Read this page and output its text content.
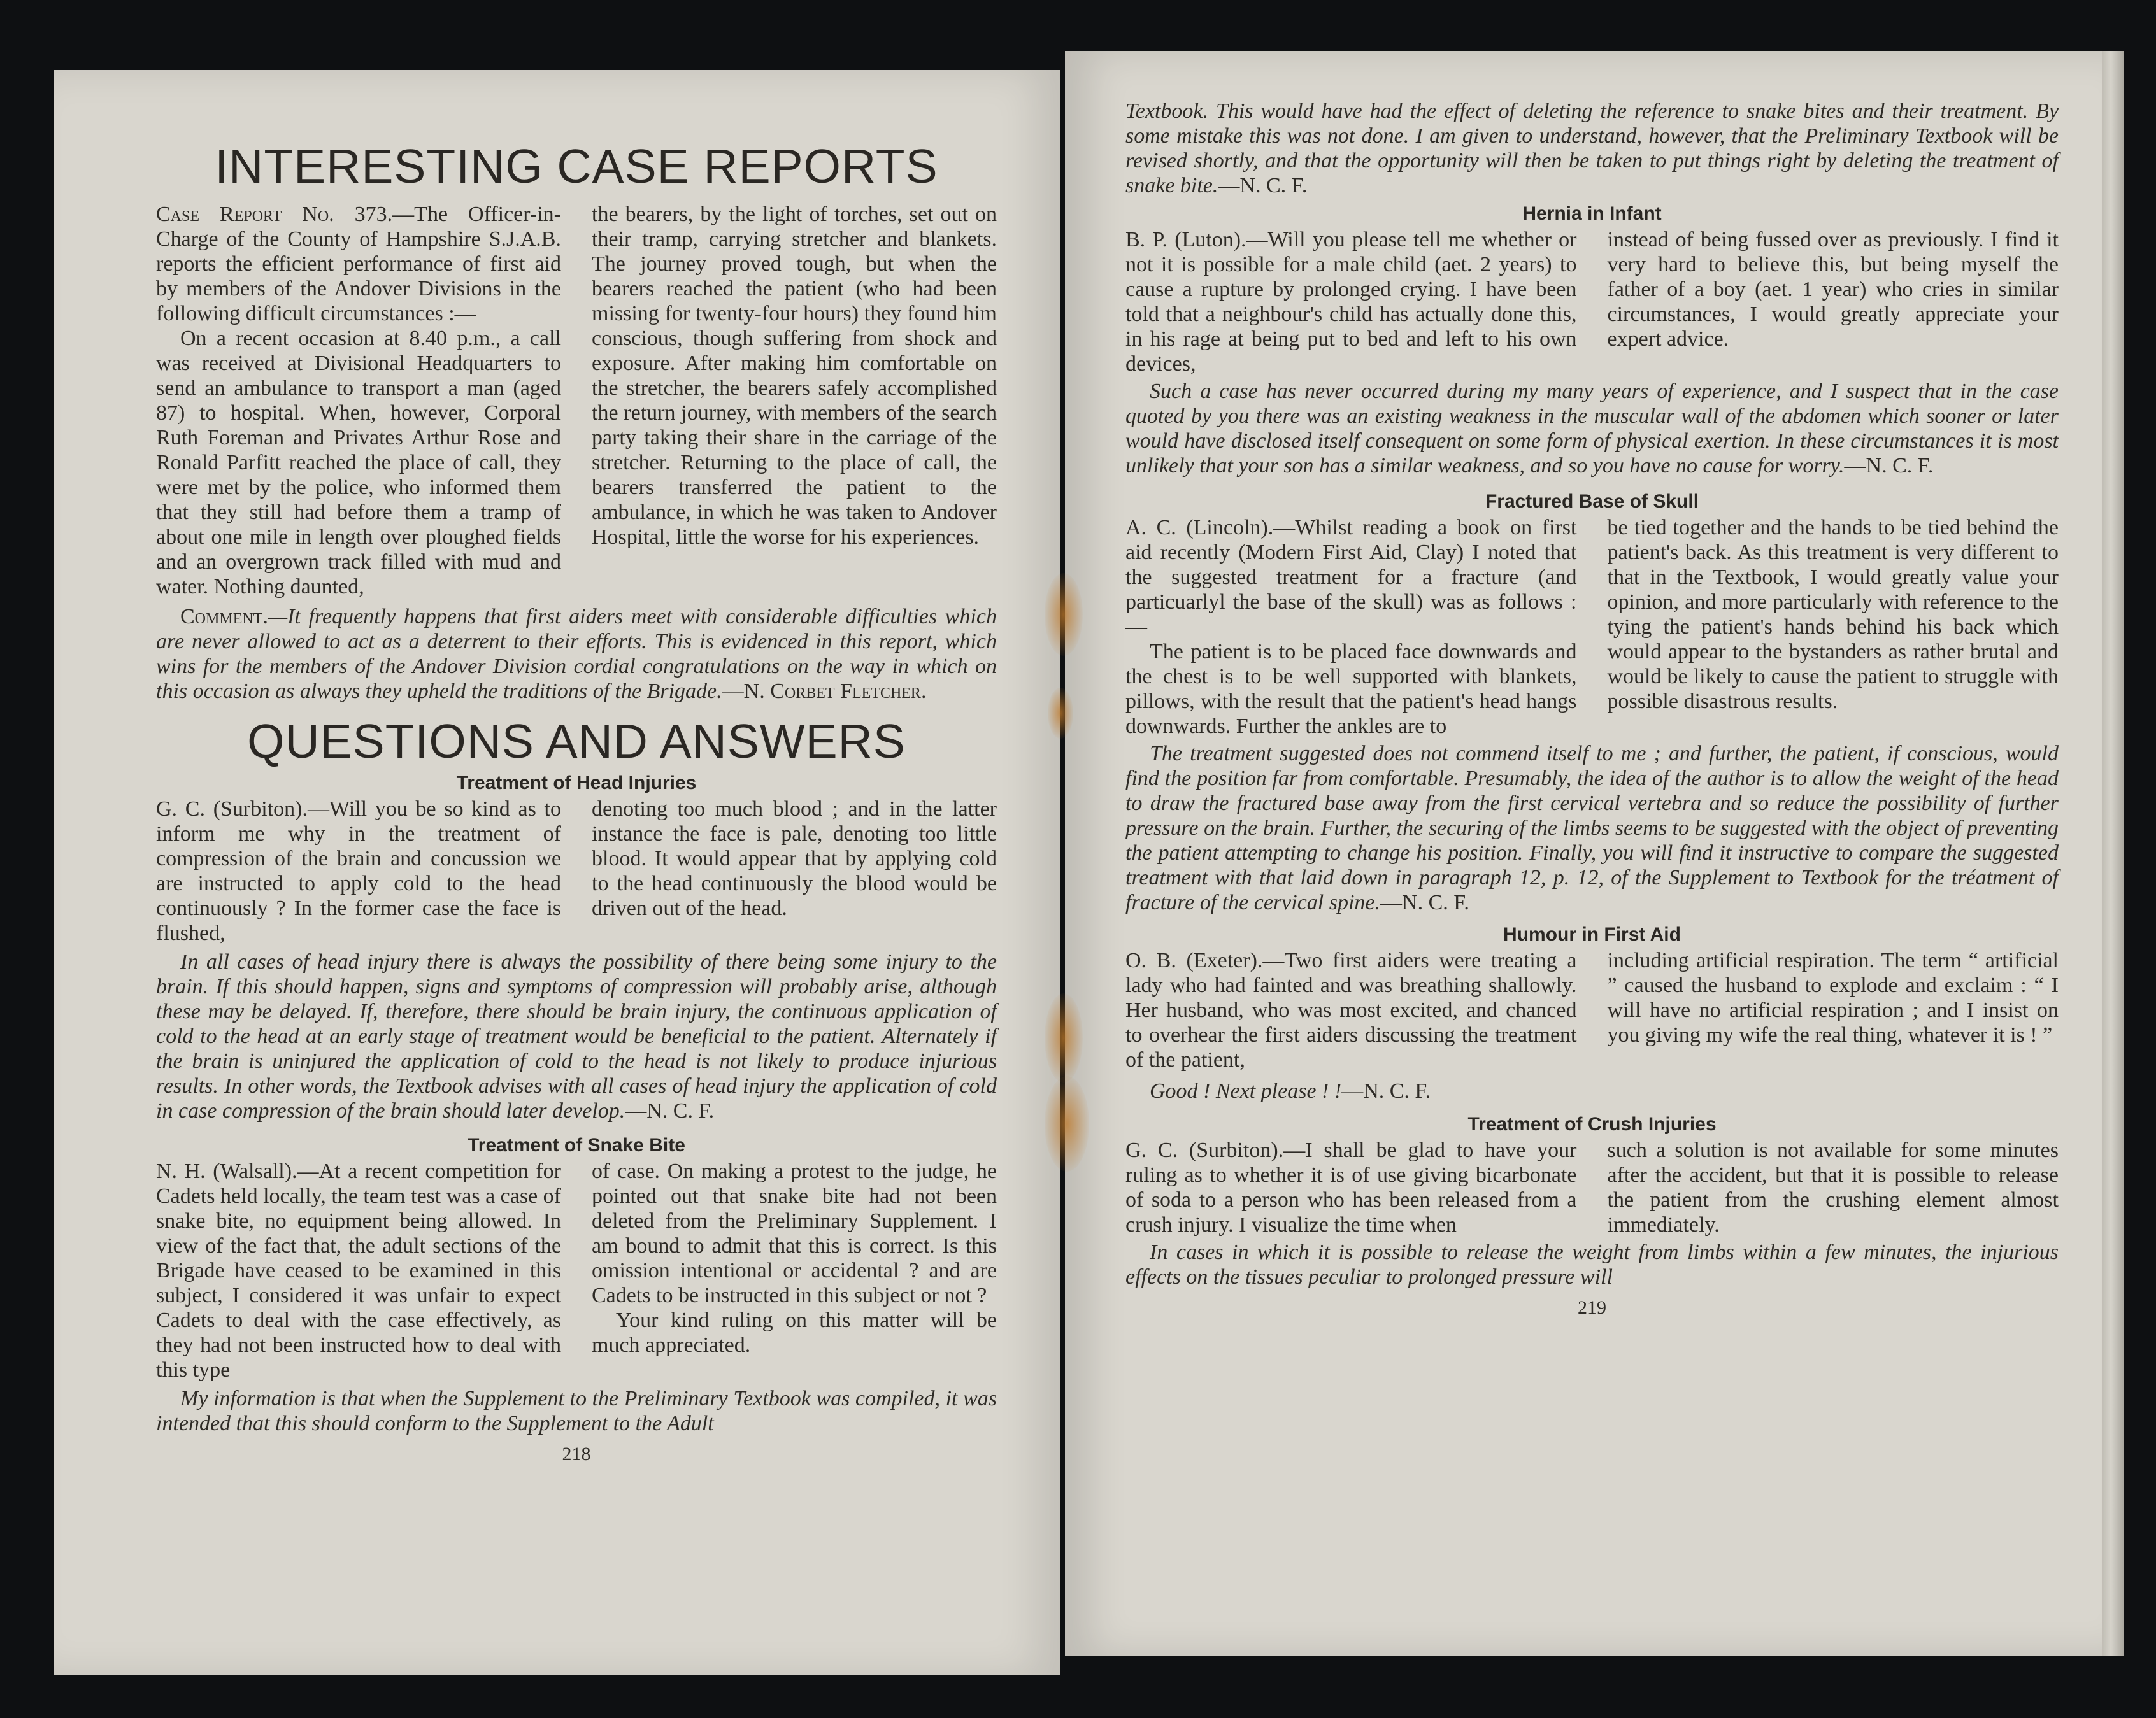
INTERESTING CASE REPORTS

Case Report No. 373.—The Officer-in-Charge of the County of Hampshire S.J.A.B. reports the efficient performance of first aid by members of the Andover Divisions in the following difficult circumstances :—

On a recent occasion at 8.40 p.m., a call was received at Divisional Headquarters to send an ambulance to transport a man (aged 87) to hospital. When, however, Corporal Ruth Foreman and Privates Arthur Rose and Ronald Parfitt reached the place of call, they were met by the police, who informed them that they still had before them a tramp of about one mile in length over ploughed fields and an overgrown track filled with mud and water. Nothing daunted,

the bearers, by the light of torches, set out on their tramp, carrying stretcher and blankets. The journey proved tough, but when the bearers reached the patient (who had been missing for twenty-four hours) they found him conscious, though suffering from shock and exposure. After making him comfortable on the stretcher, the bearers safely accomplished the return journey, with members of the search party taking their share in the carriage of the stretcher. Returning to the place of call, the bearers transferred the patient to the ambulance, in which he was taken to Andover Hospital, little the worse for his experiences.

Comment.—It frequently happens that first aiders meet with considerable difficulties which are never allowed to act as a deterrent to their efforts. This is evidenced in this report, which wins for the members of the Andover Division cordial congratulations on the way in which on this occasion as always they upheld the traditions of the Brigade.—N. Corbet Fletcher.

QUESTIONS AND ANSWERS
Treatment of Head Injuries

G. C. (Surbiton).—Will you be so kind as to inform me why in the treatment of compression of the brain and concussion we are instructed to apply cold to the head continuously ? In the former case the face is flushed,

denoting too much blood ; and in the latter instance the face is pale, denoting too little blood. It would appear that by applying cold to the head continuously the blood would be driven out of the head.

In all cases of head injury there is always the possibility of there being some injury to the brain. If this should happen, signs and symptoms of compression will probably arise, although these may be delayed. If, therefore, there should be brain injury, the continuous application of cold to the head at an early stage of treatment would be beneficial to the patient. Alternately if the brain is uninjured the application of cold to the head is not likely to produce injurious results. In other words, the Textbook advises with all cases of head injury the application of cold in case compression of the brain should later develop.—N. C. F.

Treatment of Snake Bite

N. H. (Walsall).—At a recent competition for Cadets held locally, the team test was a case of snake bite, no equipment being allowed. In view of the fact that, the adult sections of the Brigade have ceased to be examined in this subject, I considered it was unfair to expect Cadets to deal with the case effectively, as they had not been instructed how to deal with this type

of case. On making a protest to the judge, he pointed out that snake bite had not been deleted from the Preliminary Supplement. I am bound to admit that this is correct. Is this omission intentional or accidental ? and are Cadets to be instructed in this subject or not ?

Your kind ruling on this matter will be much appreciated.

My information is that when the Supplement to the Preliminary Textbook was compiled, it was intended that this should conform to the Supplement to the Adult

218

Textbook. This would have had the effect of deleting the reference to snake bites and their treatment. By some mistake this was not done. I am given to understand, however, that the Preliminary Textbook will be revised shortly, and that the opportunity will then be taken to put things right by deleting the treatment of snake bite.—N. C. F.

Hernia in Infant

B. P. (Luton).—Will you please tell me whether or not it is possible for a male child (aet. 2 years) to cause a rupture by prolonged crying. I have been told that a neighbour's child has actually done this, in his rage at being put to bed and left to his own devices,

instead of being fussed over as previously. I find it very hard to believe this, but being myself the father of a boy (aet. 1 year) who cries in similar circumstances, I would greatly appreciate your expert advice.

Such a case has never occurred during my many years of experience, and I suspect that in the case quoted by you there was an existing weakness in the muscular wall of the abdomen which sooner or later would have disclosed itself consequent on some form of physical exertion. In these circumstances it is most unlikely that your son has a similar weakness, and so you have no cause for worry.—N. C. F.

Fractured Base of Skull

A. C. (Lincoln).—Whilst reading a book on first aid recently (Modern First Aid, Clay) I noted that the suggested treatment for a fracture (and particuarlyl the base of the skull) was as follows :—

The patient is to be placed face downwards and the chest is to be well supported with blankets, pillows, with the result that the patient's head hangs downwards. Further the ankles are to

be tied together and the hands to be tied behind the patient's back. As this treatment is very different to that in the Textbook, I would greatly value your opinion, and more particularly with reference to the tying the patient's hands behind his back which would appear to the bystanders as rather brutal and would be likely to cause the patient to struggle with possible disastrous results.

The treatment suggested does not commend itself to me ; and further, the patient, if conscious, would find the position far from comfortable. Presumably, the idea of the author is to allow the weight of the head to draw the fractured base away from the first cervical vertebra and so reduce the possibility of further pressure on the brain. Further, the securing of the limbs seems to be suggested with the object of preventing the patient attempting to change his position. Finally, you will find it instructive to compare the suggested treatment with that laid down in paragraph 12, p. 12, of the Supplement to Textbook for the tréatment of fracture of the cervical spine.—N. C. F.

Humour in First Aid

O. B. (Exeter).—Two first aiders were treating a lady who had fainted and was breathing shallowly. Her husband, who was most excited, and chanced to overhear the first aiders discussing the treatment of the patient,

including artificial respiration. The term “ artificial ” caused the husband to explode and exclaim : “ I will have no artificial respiration ; and I insist on you giving my wife the real thing, whatever it is ! ”

Good ! Next please ! !—N. C. F.

Treatment of Crush Injuries

G. C. (Surbiton).—I shall be glad to have your ruling as to whether it is of use giving bicarbonate of soda to a person who has been released from a crush injury. I visualize the time when

such a solution is not available for some minutes after the accident, but that it is possible to release the patient from the crushing element almost immediately.

In cases in which it is possible to release the weight from limbs within a few minutes, the injurious effects on the tissues peculiar to prolonged pressure will

219
